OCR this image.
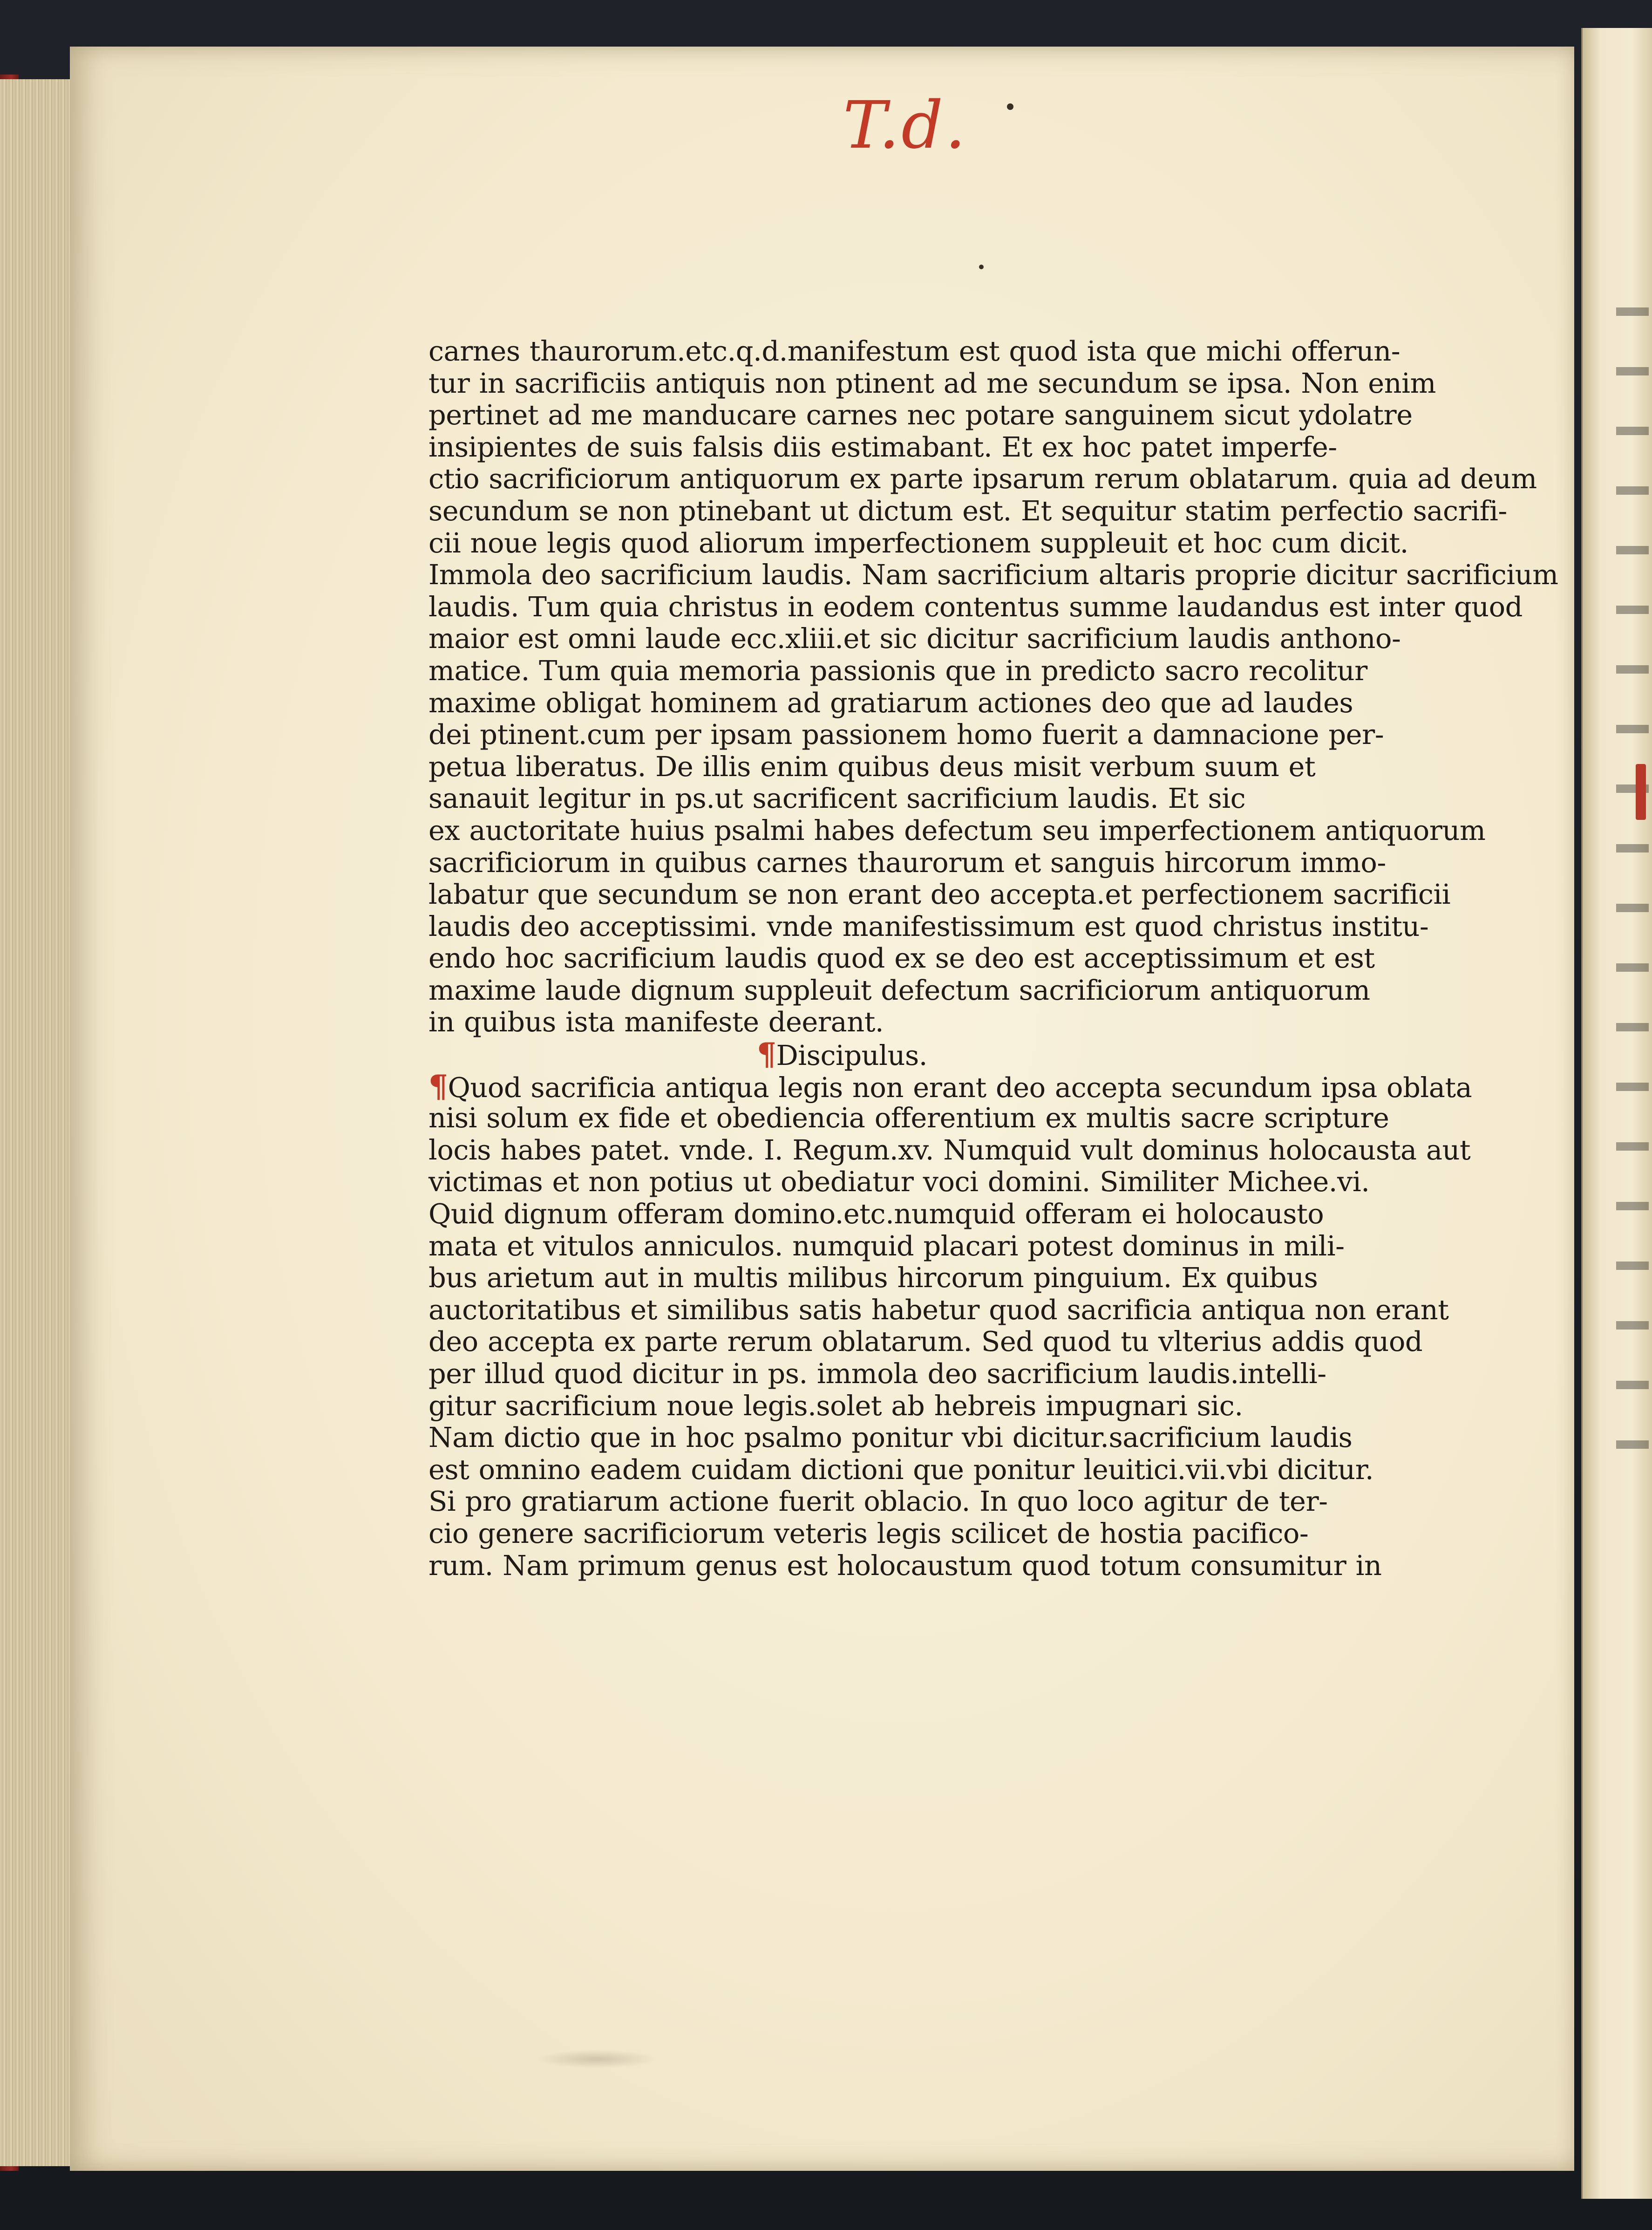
T.d.
carnes thaurorum.etc.q.d.manifestum est quod ista que michi offerun-
tur in sacrificiis antiquis non ptinent ad me secundum se ipsa. Non enim
pertinet ad me manducare carnes nec potare sanguinem sicut ydolatre
insipientes de suis falsis diis estimabant. Et ex hoc patet imperfe-
ctio sacrificiorum antiquorum ex parte ipsarum rerum oblatarum. quia ad deum
secundum se non ptinebant ut dictum est. Et sequitur statim perfectio sacrifi-
cii noue legis quod aliorum imperfectionem suppleuit et hoc cum dicit.
Immola deo sacrificium laudis. Nam sacrificium altaris proprie dicitur sacrificium
laudis. Tum quia christus in eodem contentus summe laudandus est inter quod
maior est omni laude ecc.xliii.et sic dicitur sacrificium laudis anthono-
matice. Tum quia memoria passionis que in predicto sacro recolitur
maxime obligat hominem ad gratiarum actiones deo que ad laudes
dei ptinent.cum per ipsam passionem homo fuerit a damnacione per-
petua liberatus. De illis enim quibus deus misit verbum suum et
sanauit legitur in ps.ut sacrificent sacrificium laudis. Et sic
ex auctoritate huius psalmi habes defectum seu imperfectionem antiquorum
sacrificiorum in quibus carnes thaurorum et sanguis hircorum immo-
labatur que secundum se non erant deo accepta.et perfectionem sacrificii
laudis deo acceptissimi. vnde manifestissimum est quod christus institu-
endo hoc sacrificium laudis quod ex se deo est acceptissimum et est
maxime laude dignum suppleuit defectum sacrificiorum antiquorum
in quibus ista manifeste deerant.
¶Discipulus.
¶Quod sacrificia antiqua legis non erant deo accepta secundum ipsa oblata
nisi solum ex fide et obediencia offerentium ex multis sacre scripture
locis habes patet. vnde. I. Regum.xv. Numquid vult dominus holocausta aut
victimas et non potius ut obediatur voci domini. Similiter Michee.vi.
Quid dignum offeram domino.etc.numquid offeram ei holocausto
mata et vitulos anniculos. numquid placari potest dominus in mili-
bus arietum aut in multis milibus hircorum pinguium. Ex quibus
auctoritatibus et similibus satis habetur quod sacrificia antiqua non erant
deo accepta ex parte rerum oblatarum. Sed quod tu vlterius addis quod
per illud quod dicitur in ps. immola deo sacrificium laudis.intelli-
gitur sacrificium noue legis.solet ab hebreis impugnari sic.
Nam dictio que in hoc psalmo ponitur vbi dicitur.sacrificium laudis
est omnino eadem cuidam dictioni que ponitur leuitici.vii.vbi dicitur.
Si pro gratiarum actione fuerit oblacio. In quo loco agitur de ter-
cio genere sacrificiorum veteris legis scilicet de hostia pacifico-
rum. Nam primum genus est holocaustum quod totum consumitur in
